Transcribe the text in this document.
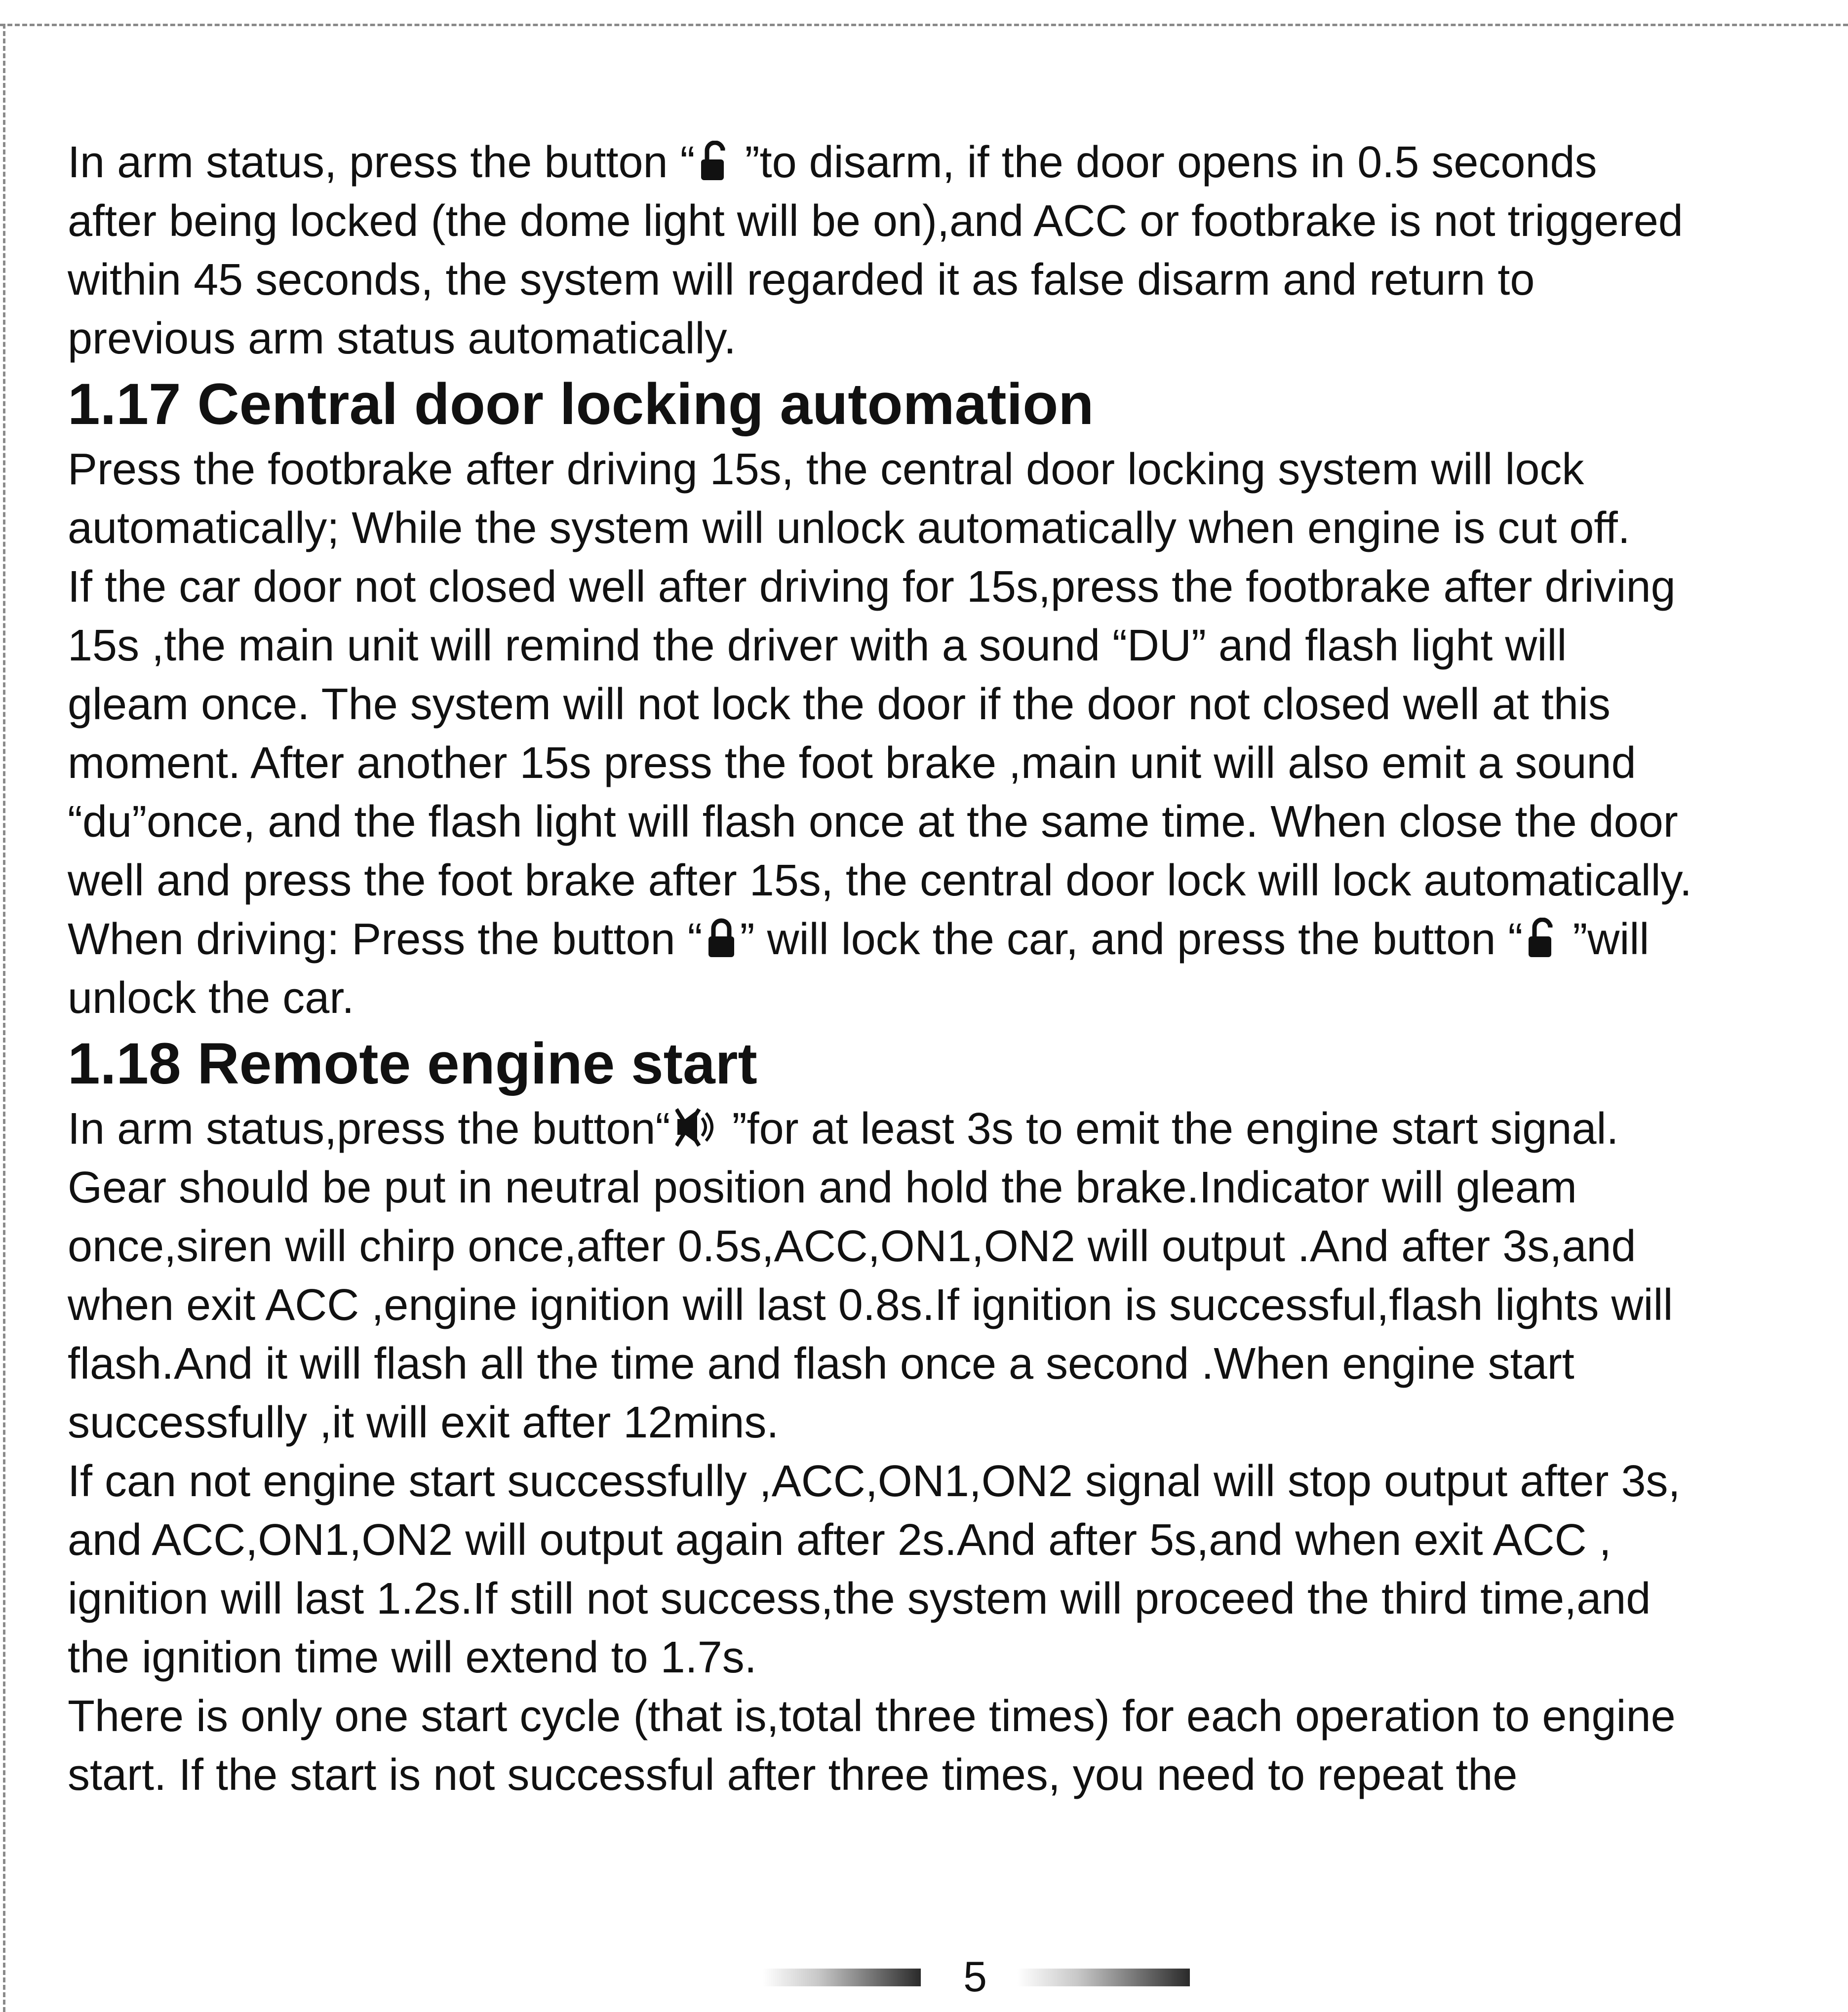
In arm status, press the button “
”to disarm, if the door opens in 0.5 seconds
after being locked (the dome light will be on),and ACC or footbrake is not triggered
within 45 seconds, the system will regarded it as false disarm and return to
previous arm status automatically.
1.17 Central door locking automation
Press the footbrake after driving 15s, the central door locking system will lock
automatically; While the system will unlock automatically when engine is cut off.
If the car door not closed well after driving for 15s,press the footbrake after driving
15s ,the main unit will remind the driver with a sound “DU” and flash light will
gleam once. The system will not lock the door if the door not closed well at this
moment. After another 15s press the foot brake ,main unit will also emit a sound
“du”once, and the flash light will flash once at the same time. When close the door
well and press the foot brake after 15s, the central door lock will lock automatically.
When driving: Press the button “ ” will lock the car, and press the button “
”will
unlock the car.
1.18 Remote engine start
In arm status,press the button“
”for at least 3s to emit the engine start signal.
Gear should be put in neutral position and hold the brake.Indicator will gleam
once,siren will chirp once,after 0.5s,ACC,ON1,ON2 will output .And after 3s,and
when exit ACC ,engine ignition will last 0.8s.If ignition is successful,flash lights will
flash.And it will flash all the time and flash once a second .When engine start
successfully ,it will exit after 12mins.
If can not engine start successfully ,ACC,ON1,ON2 signal will stop output after 3s,
and ACC,ON1,ON2 will output again after 2s.And after 5s,and when exit ACC ,
ignition will last 1.2s.If still not success,the system will proceed the third time,and
the ignition time will extend to 1.7s.
There is only one start cycle (that is,total three times) for each operation to engine
start. If the start is not successful after three times, you need to repeat the
5
